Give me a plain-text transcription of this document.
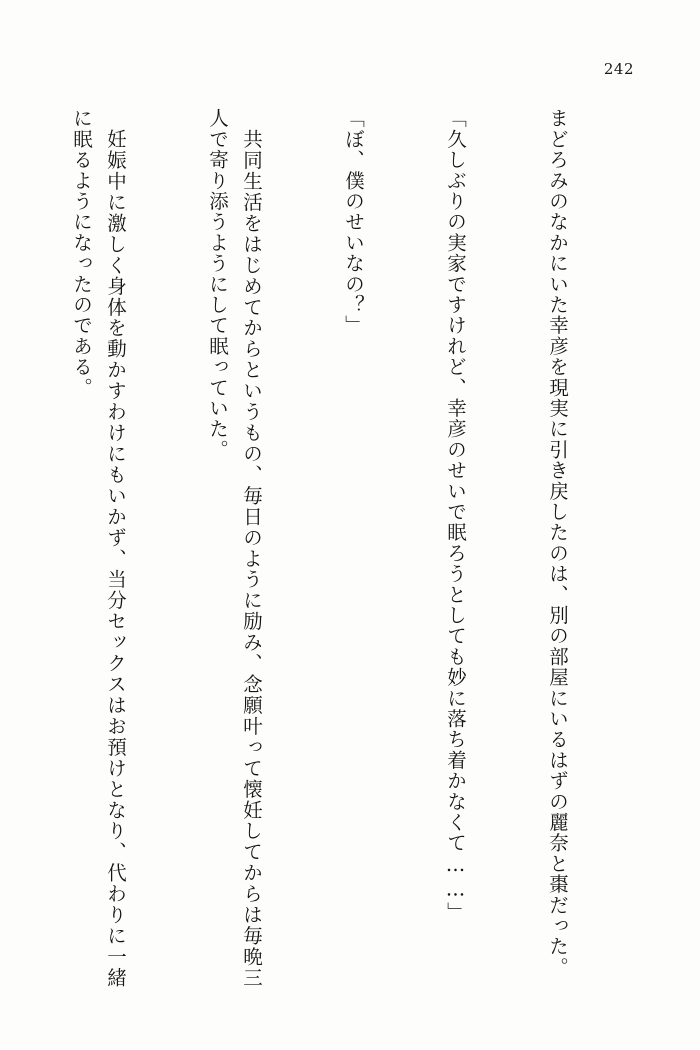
242

まどろみのなかにいた幸彦を現実に引き戻したのは、別の部屋にいるはずの麗奈と棗だった。

「久しぶりの実家ですけれど、幸彦のせいで眠ろうとしても妙に落ち着かなくて……」

「ぼ、僕のせいなの？」

　共同生活をはじめてからというもの、毎日のように励み、念願叶って懐妊してからは毎晩三人で寄り添うようにして眠っていた。

　妊娠中に激しく身体を動かすわけにもいかず、当分セックスはお預けとなり、代わりに一緒に眠るようになったのである。
